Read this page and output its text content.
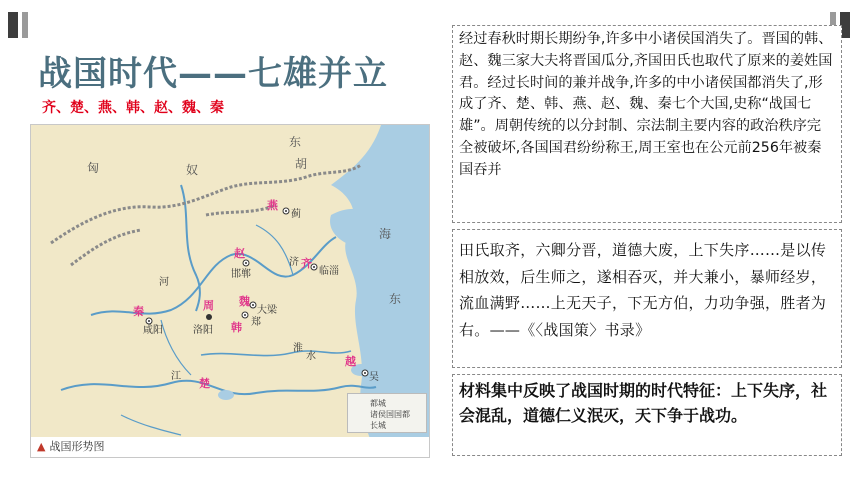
战国时代——七雄并立
齐、楚、燕、韩、赵、魏、秦
匈	奴
东
胡
燕
蓟
赵
邯郸
济 齐
临淄
秦
咸阳
周
洛阳
魏
大梁
韩 郑
河
淮
水
楚
江
越
吴
海
东
都城
诸侯国国都
长城
▲ 战国形势图
经过春秋时期长期纷争,许多中小诸侯国消失了。晋国的韩、赵、魏三家大夫将晋国瓜分,齐国田氏也取代了原来的姜姓国君。经过长时间的兼并战争,许多的中小诸侯国都消失了,形成了齐、楚、韩、燕、赵、魏、秦七个大国,史称“战国七雄”。周朝传统的以分封制、宗法制主要内容的政治秩序完全被破坏,各国国君纷纷称王,周王室也在公元前256年被秦国吞并
田氏取齐，六卿分晋，道德大废，上下失序……是以传相放效，后生师之，遂相吞灭，并大兼小，暴师经岁，流血满野……上无天子，下无方伯，力功争强，胜者为右。——《〈战国策〉书录》
材料集中反映了战国时期的时代特征：上下失序，社会混乱，道德仁义泯灭，天下争于战功。
